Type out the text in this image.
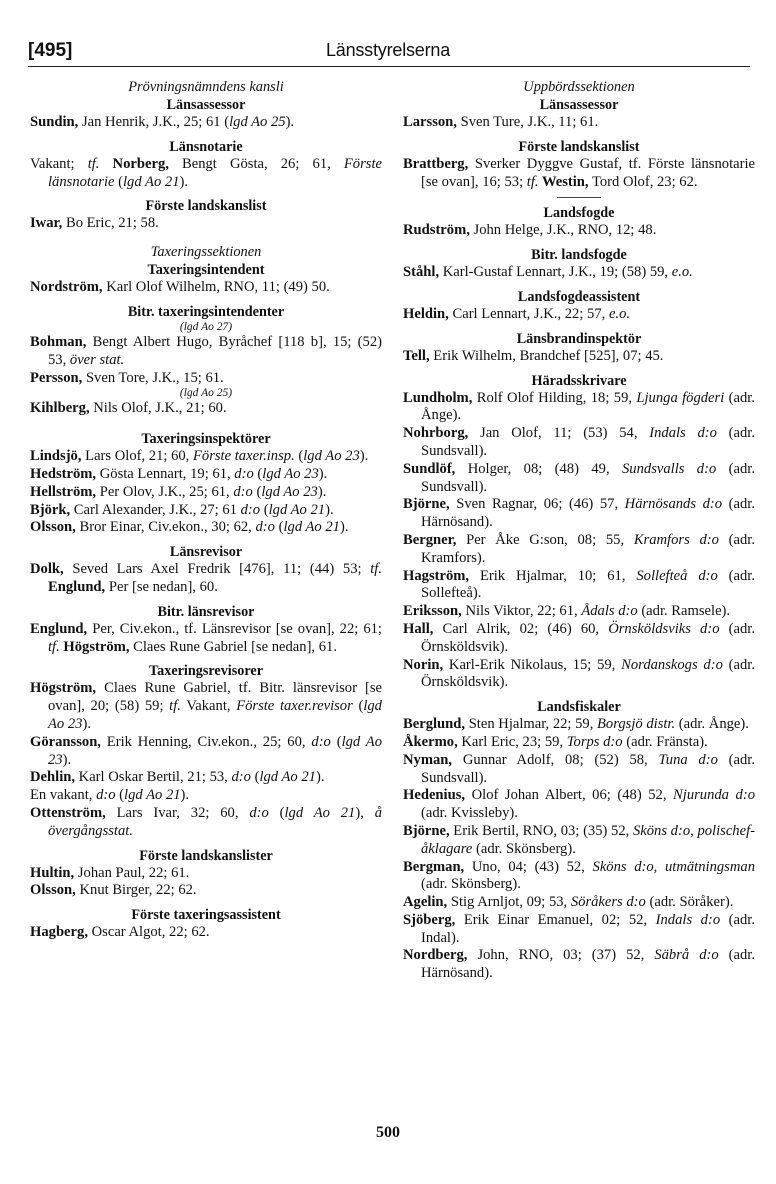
[495]	Länsstyrelserna
Prövningsnämndens kansli
Länsassessor
Sundin, Jan Henrik, J.K., 25; 61 (lgd Ao 25).
Länsnotarie
Vakant; tf. Norberg, Bengt Gösta, 26; 61, Förste länsnotarie (lgd Ao 21).
Förste landskanslist
Iwar, Bo Eric, 21; 58.
Taxeringssektionen
Taxeringsintendent
Nordström, Karl Olof Wilhelm, RNO, 11; (49) 50.
Bitr. taxeringsintendenter
(lgd Ao 27)
Bohman, Bengt Albert Hugo, Byråchef [118 b], 15; (52) 53, över stat.
Persson, Sven Tore, J.K., 15; 61.
(lgd Ao 25)
Kihlberg, Nils Olof, J.K., 21; 60.
Taxeringsinspektörer
Lindsjö, Lars Olof, 21; 60, Förste taxer.insp. (lgd Ao 23).
Hedström, Gösta Lennart, 19; 61, d:o (lgd Ao 23).
Hellström, Per Olov, J.K., 25; 61, d:o (lgd Ao 23).
Björk, Carl Alexander, J.K., 27; 61 d:o (lgd Ao 21).
Olsson, Bror Einar, Civ.ekon., 30; 62, d:o (lgd Ao 21).
Länsrevisor
Dolk, Seved Lars Axel Fredrik [476], 11; (44) 53; tf. Englund, Per [se nedan], 60.
Bitr. länsrevisor
Englund, Per, Civ.ekon., tf. Länsrevisor [se ovan], 22; 61; tf. Högström, Claes Rune Gabriel [se nedan], 61.
Taxeringsrevisorer
Högström, Claes Rune Gabriel, tf. Bitr. länsrevisor [se ovan], 20; (58) 59; tf. Vakant, Förste taxer.revisor (lgd Ao 23).
Göransson, Erik Henning, Civ.ekon., 25; 60, d:o (lgd Ao 23).
Dehlin, Karl Oskar Bertil, 21; 53, d:o (lgd Ao 21).
En vakant, d:o (lgd Ao 21).
Ottenström, Lars Ivar, 32; 60, d:o (lgd Ao 21), å övergångsstat.
Förste landskanslister
Hultin, Johan Paul, 22; 61.
Olsson, Knut Birger, 22; 62.
Förste taxeringsassistent
Hagberg, Oscar Algot, 22; 62.
Uppbördssektionen
Länsassessor
Larsson, Sven Ture, J.K., 11; 61.
Förste landskanslist
Brattberg, Sverker Dyggve Gustaf, tf. Förste länsnotarie [se ovan], 16; 53; tf. Westin, Tord Olof, 23; 62.
Landsfogde
Rudström, John Helge, J.K., RNO, 12; 48.
Bitr. landsfogde
Ståhl, Karl-Gustaf Lennart, J.K., 19; (58) 59, e.o.
Landsfogdeassistent
Heldin, Carl Lennart, J.K., 22; 57, e.o.
Länsbrandinspektör
Tell, Erik Wilhelm, Brandchef [525], 07; 45.
Häradsskrivare
Lundholm, Rolf Olof Hilding, 18; 59, Ljunga fögderi (adr. Ånge).
Nohrborg, Jan Olof, 11; (53) 54, Indals d:o (adr. Sundsvall).
Sundlöf, Holger, 08; (48) 49, Sundsvalls d:o (adr. Sundsvall).
Björne, Sven Ragnar, 06; (46) 57, Härnösands d:o (adr. Härnösand).
Bergner, Per Åke G:son, 08; 55, Kramfors d:o (adr. Kramfors).
Hagström, Erik Hjalmar, 10; 61, Sollefteå d:o (adr. Sollefteå).
Eriksson, Nils Viktor, 22; 61, Ådals d:o (adr. Ramsele).
Hall, Carl Alrik, 02; (46) 60, Örnsköldsviks d:o (adr. Örnsköldsvik).
Norin, Karl-Erik Nikolaus, 15; 59, Nordanskogs d:o (adr. Örnsköldsvik).
Landsfiskaler
Berglund, Sten Hjalmar, 22; 59, Borgsjö distr. (adr. Ånge).
Åkermo, Karl Eric, 23; 59, Torps d:o (adr. Fränsta).
Nyman, Gunnar Adolf, 08; (52) 58, Tuna d:o (adr. Sundsvall).
Hedenius, Olof Johan Albert, 06; (48) 52, Njurunda d:o (adr. Kvissleby).
Björne, Erik Bertil, RNO, 03; (35) 52, Sköns d:o, polischef-åklagare (adr. Skönsberg).
Bergman, Uno, 04; (43) 52, Sköns d:o, utmätningsman (adr. Skönsberg).
Agelin, Stig Arnljot, 09; 53, Söråkers d:o (adr. Söråker).
Sjöberg, Erik Einar Emanuel, 02; 52, Indals d:o (adr. Indal).
Nordberg, John, RNO, 03; (37) 52, Säbrå d:o (adr. Härnösand).
500
